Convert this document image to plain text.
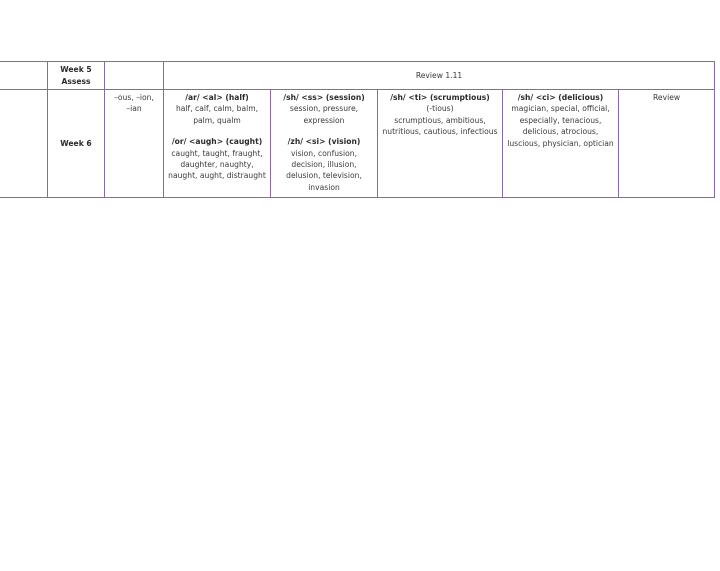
	Week 5
Assess		Review 1.11				
	Week 6	–ous, –ion,
–ian	/ar/ <al> (half)
half, calf, calm, balm, palm, qualm
/or/ <augh> (caught)
caught, taught, fraught, daughter, naughty, naught, aught, distraught	/sh/ <ss> (session)
session, pressure, expression
/zh/ <si> (vision)
vision, confusion, decision, illusion, delusion, television, invasion	/sh/ <ti> (scrumptious)
(-tious)
scrumptious, ambitious, nutritious, cautious, infectious	/sh/ <ci> (delicious)
magician, special, official, especially, tenacious, delicious, atrocious, luscious, physician, optician	Review
